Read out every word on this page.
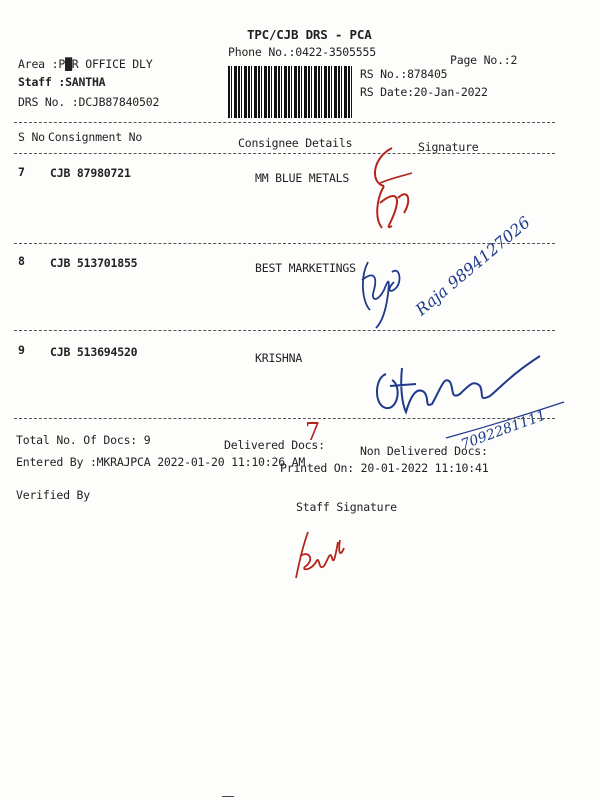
TPC/CJB DRS - PCA
Phone No.:0422-3505555
Page No.:2
Area :P█R OFFICE DLY
Staff :SANTHA
DRS No. :DCJB87840502
RS No.:878405
RS Date:20-Jan-2022
S No Consignment No	Consignee Details	Signature
7 CJB 87980721	MM BLUE METALS
8 CJB 513701855	BEST MARKETINGS	Raja 9894127026
9 CJB 513694520	KRISHNA
7092281111
Total No. Of Docs: 9	Delivered Docs:
7
Non Delivered Docs:
Entered By :MKRAJPCA 2022-01-20 11:10:26 AM
Printed On: 20-01-2022 11:10:41
Verified By
Staff Signature
